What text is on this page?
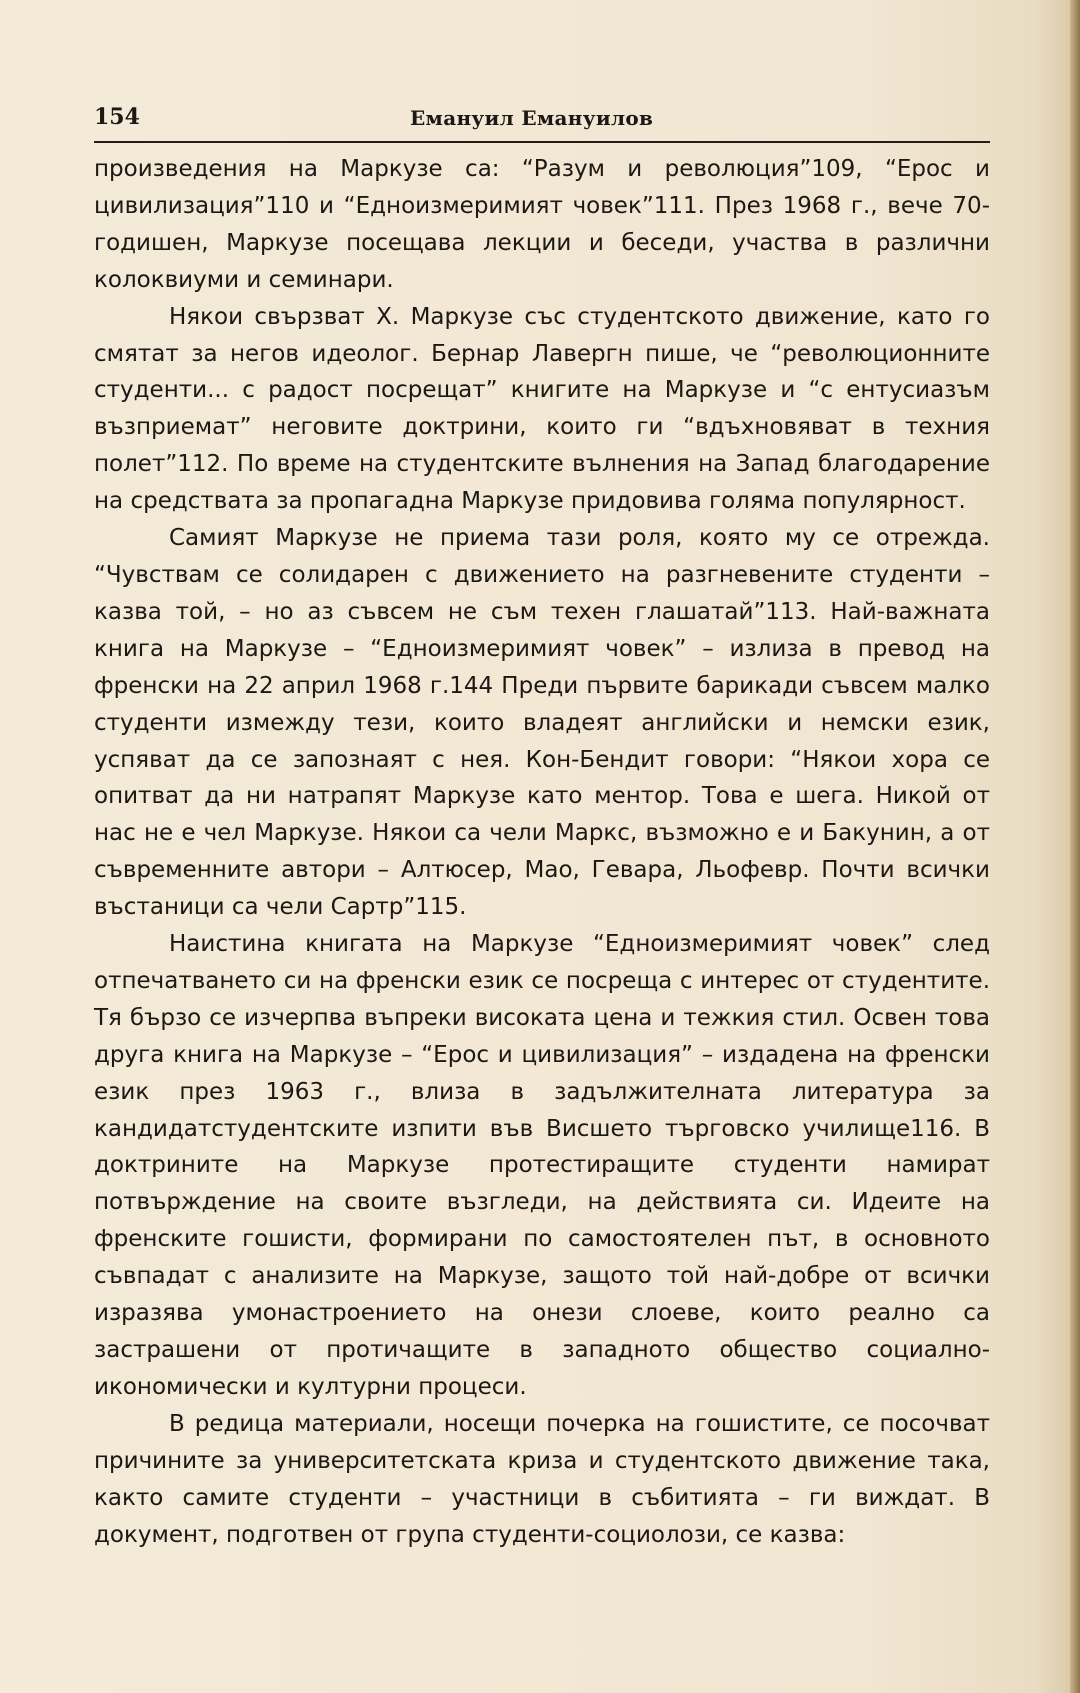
154	Емануил Емануилов

произведения на Маркузе са: “Разум и революция”109, “Ерос и цивилизация”110 и “Едноизмеримият човек”111. През 1968 г., вече 70-годишен, Маркузе посещава лекции и беседи, участва в различни колоквиуми и семинари.

Някои свързват Х. Маркузе със студентското движение, като го смятат за негов идеолог. Бернар Лавергн пише, че “революционните студенти... с радост посрещат” книгите на Маркузе и “с ентусиазъм възприемат” неговите доктрини, които ги “вдъхновяват в техния полет”112. По време на студентските вълнения на Запад благодарение на средствата за пропагадна Маркузе придовива голяма популярност.

Самият Маркузе не приема тази роля, която му се отрежда. “Чувствам се солидарен с движението на разгневените студенти – казва той, – но аз съвсем не съм техен глашатай”113. Най-важната книга на Маркузе – “Едноизмеримият човек” – излиза в превод на френски на 22 април 1968 г.144 Преди първите барикади съвсем малко студенти измежду тези, които владеят английски и немски език, успяват да се запознаят с нея. Кон-Бендит говори: “Някои хора се опитват да ни натрапят Маркузе като ментор. Това е шега. Никой от нас не е чел Маркузе. Някои са чели Маркс, възможно е и Бакунин, а от съвременните автори – Алтюсер, Мао, Гевара, Льофевр. Почти всички въстаници са чели Сартр”115.

Наистина книгата на Маркузе “Едноизмеримият човек” след отпечатването си на френски език се посреща с интерес от студентите. Тя бързо се изчерпва въпреки високата цена и тежкия стил. Освен това друга книга на Маркузе – “Ерос и цивилизация” – издадена на френски език през 1963 г., влиза в задължителната литература за кандидатстудентските изпити във Висшето търговско училище116. В доктрините на Маркузе протестиращите студенти намират потвърждение на своите възгледи, на действията си. Идеите на френските гошисти, формирани по самостоятелен път, в основното съвпадат с анализите на Маркузе, защото той най-добре от всички изразява умонастроението на онези слоеве, които реално са застрашени от протичащите в западното общество социално-икономически и културни процеси.

В редица материали, носещи почерка на гошистите, се посочват причините за университетската криза и студентското движение така, както самите студенти – участници в събитията – ги виждат. В документ, подготвен от група студенти-социолози, се казва:
